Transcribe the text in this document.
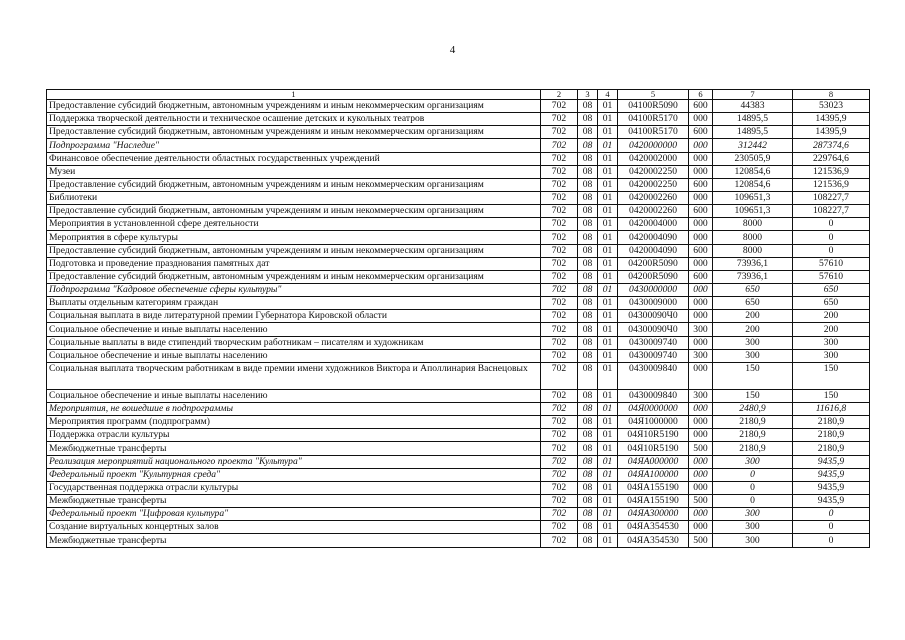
4
1	2	3	4	5	6	7	8
Предоставление субсидий бюджетным, автономным учреждениям и иным некоммерческим организациям	702	08	01	04100R5090	600	44383	53023
Поддержка творческой деятельности и техническое осашение детских и кукольных театров	702	08	01	04100R5170	000	14895,5	14395,9
Предоставление субсидий бюджетным, автономным учреждениям и иным некоммерческим организациям	702	08	01	04100R5170	600	14895,5	14395,9
Подпрограмма "Наследие"	702	08	01	0420000000	000	312442	287374,6
Финансовое обеспечение деятельности областных государственных учреждений	702	08	01	0420002000	000	230505,9	229764,6
Музеи	702	08	01	0420002250	000	120854,6	121536,9
Предоставление субсидий бюджетным, автономным учреждениям и иным некоммерческим организациям	702	08	01	0420002250	600	120854,6	121536,9
Библиотеки	702	08	01	0420002260	000	109651,3	108227,7
Предоставление субсидий бюджетным, автономным учреждениям и иным некоммерческим организациям	702	08	01	0420002260	600	109651,3	108227,7
Мероприятия в установленной сфере деятельности	702	08	01	0420004000	000	8000	0
Мероприятия в сфере культуры	702	08	01	0420004090	000	8000	0
Предоставление субсидий бюджетным, автономным учреждениям и иным некоммерческим организациям	702	08	01	0420004090	600	8000	0
Подготовка и проведение празднования памятных дат	702	08	01	04200R5090	000	73936,1	57610
Предоставление субсидий бюджетным, автономным учреждениям и иным некоммерческим организациям	702	08	01	04200R5090	600	73936,1	57610
Подпрограмма "Кадровое обеспечение сферы культуры"	702	08	01	0430000000	000	650	650
Выплаты отдельным категориям граждан	702	08	01	0430009000	000	650	650
Социальная выплата в виде литературной премии Губернатора Кировской области	702	08	01	04300090Ч0	000	200	200
Социальное обеспечение и иные выплаты населению	702	08	01	04300090Ч0	300	200	200
Социальные выплаты в виде стипендий творческим работникам – писателям и художникам	702	08	01	0430009740	000	300	300
Социальное обеспечение и иные выплаты населению	702	08	01	0430009740	300	300	300
Социальная выплата творческим работникам в виде премии имени художников Виктора и Аполлинария Васнецовых	702	08	01	0430009840	000	150	150
Социальное обеспечение и иные выплаты населению	702	08	01	0430009840	300	150	150
Мероприятия, не вошедшие в подпрограммы	702	08	01	04Я0000000	000	2480,9	11616,8
Мероприятия программ (подпрограмм)	702	08	01	04Я1000000	000	2180,9	2180,9
Поддержка отрасли культуры	702	08	01	04Я10R5190	000	2180,9	2180,9
Межбюджетные трансферты	702	08	01	04Я10R5190	500	2180,9	2180,9
Реализация мероприятий национального проекта "Культура"	702	08	01	04ЯA000000	000	300	9435,9
Федеральный проект "Культурная среда"	702	08	01	04ЯA100000	000	0	9435,9
Государственная поддержка отрасли культуры	702	08	01	04ЯA155190	000	0	9435,9
Межбюджетные трансферты	702	08	01	04ЯA155190	500	0	9435,9
Федеральный проект "Цифровая культура"	702	08	01	04ЯA300000	000	300	0
Создание виртуальных концертных залов	702	08	01	04ЯA354530	000	300	0
Межбюджетные трансферты	702	08	01	04ЯA354530	500	300	0
